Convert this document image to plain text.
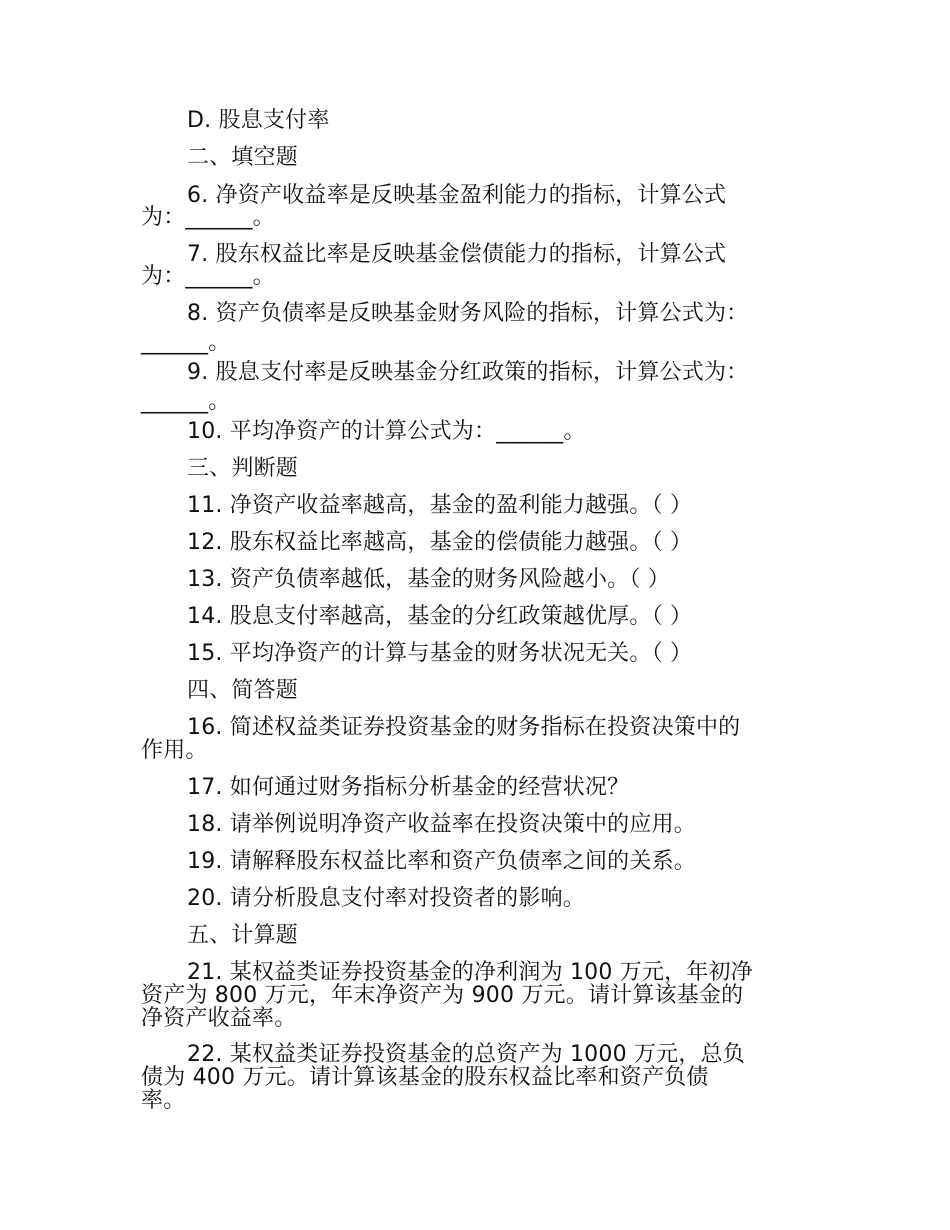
D. 股息支付率
二、填空题
6. 净资产收益率是反映基金盈利能力的指标，计算公式
为：______。
7. 股东权益比率是反映基金偿债能力的指标，计算公式
为：______。
8. 资产负债率是反映基金财务风险的指标，计算公式为：
______。
9. 股息支付率是反映基金分红政策的指标，计算公式为：
______。
10. 平均净资产的计算公式为：______。
三、判断题
11. 净资产收益率越高，基金的盈利能力越强。（ ）
12. 股东权益比率越高，基金的偿债能力越强。（ ）
13. 资产负债率越低，基金的财务风险越小。（ ）
14. 股息支付率越高，基金的分红政策越优厚。（ ）
15. 平均净资产的计算与基金的财务状况无关。（ ）
四、简答题
16. 简述权益类证券投资基金的财务指标在投资决策中的
作用。
17. 如何通过财务指标分析基金的经营状况？
18. 请举例说明净资产收益率在投资决策中的应用。
19. 请解释股东权益比率和资产负债率之间的关系。
20. 请分析股息支付率对投资者的影响。
五、计算题
21. 某权益类证券投资基金的净利润为 100 万元，年初净
资产为 800 万元，年末净资产为 900 万元。请计算该基金的
净资产收益率。
22. 某权益类证券投资基金的总资产为 1000 万元，总负
债为 400 万元。请计算该基金的股东权益比率和资产负债
率。
